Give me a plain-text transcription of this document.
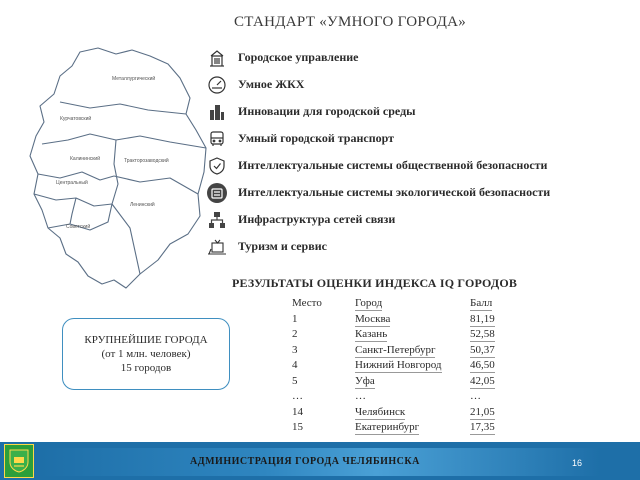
СТАНДАРТ «УМНОГО ГОРОДА»
Металлургический
Курчатовский
Калининский	Тракторозаводский
Центральный
Ленинский
Советский
Городское управление
Умное ЖКХ
Инновации для городской среды
Умный городской транспорт
Интеллектуальные системы общественной безопасности
Интеллектуальные системы экологической безопасности
Инфраструктура сетей связи
Туризм и сервис
РЕЗУЛЬТАТЫ ОЦЕНКИ ИНДЕКСА IQ ГОРОДОВ
Место	Город	Балл
1	Москва	81,19
2	Казань	52,58
3	Санкт-Петербург	50,37
4	Нижний Новгород	46,50
5	Уфа	42,05
…	…	…
14	Челябинск	21,05
15	Екатеринбург	17,35
КРУПНЕЙШИЕ ГОРОДА
(от 1 млн. человек)
15 городов
АДМИНИСТРАЦИЯ ГОРОДА ЧЕЛЯБИНСКА	16
